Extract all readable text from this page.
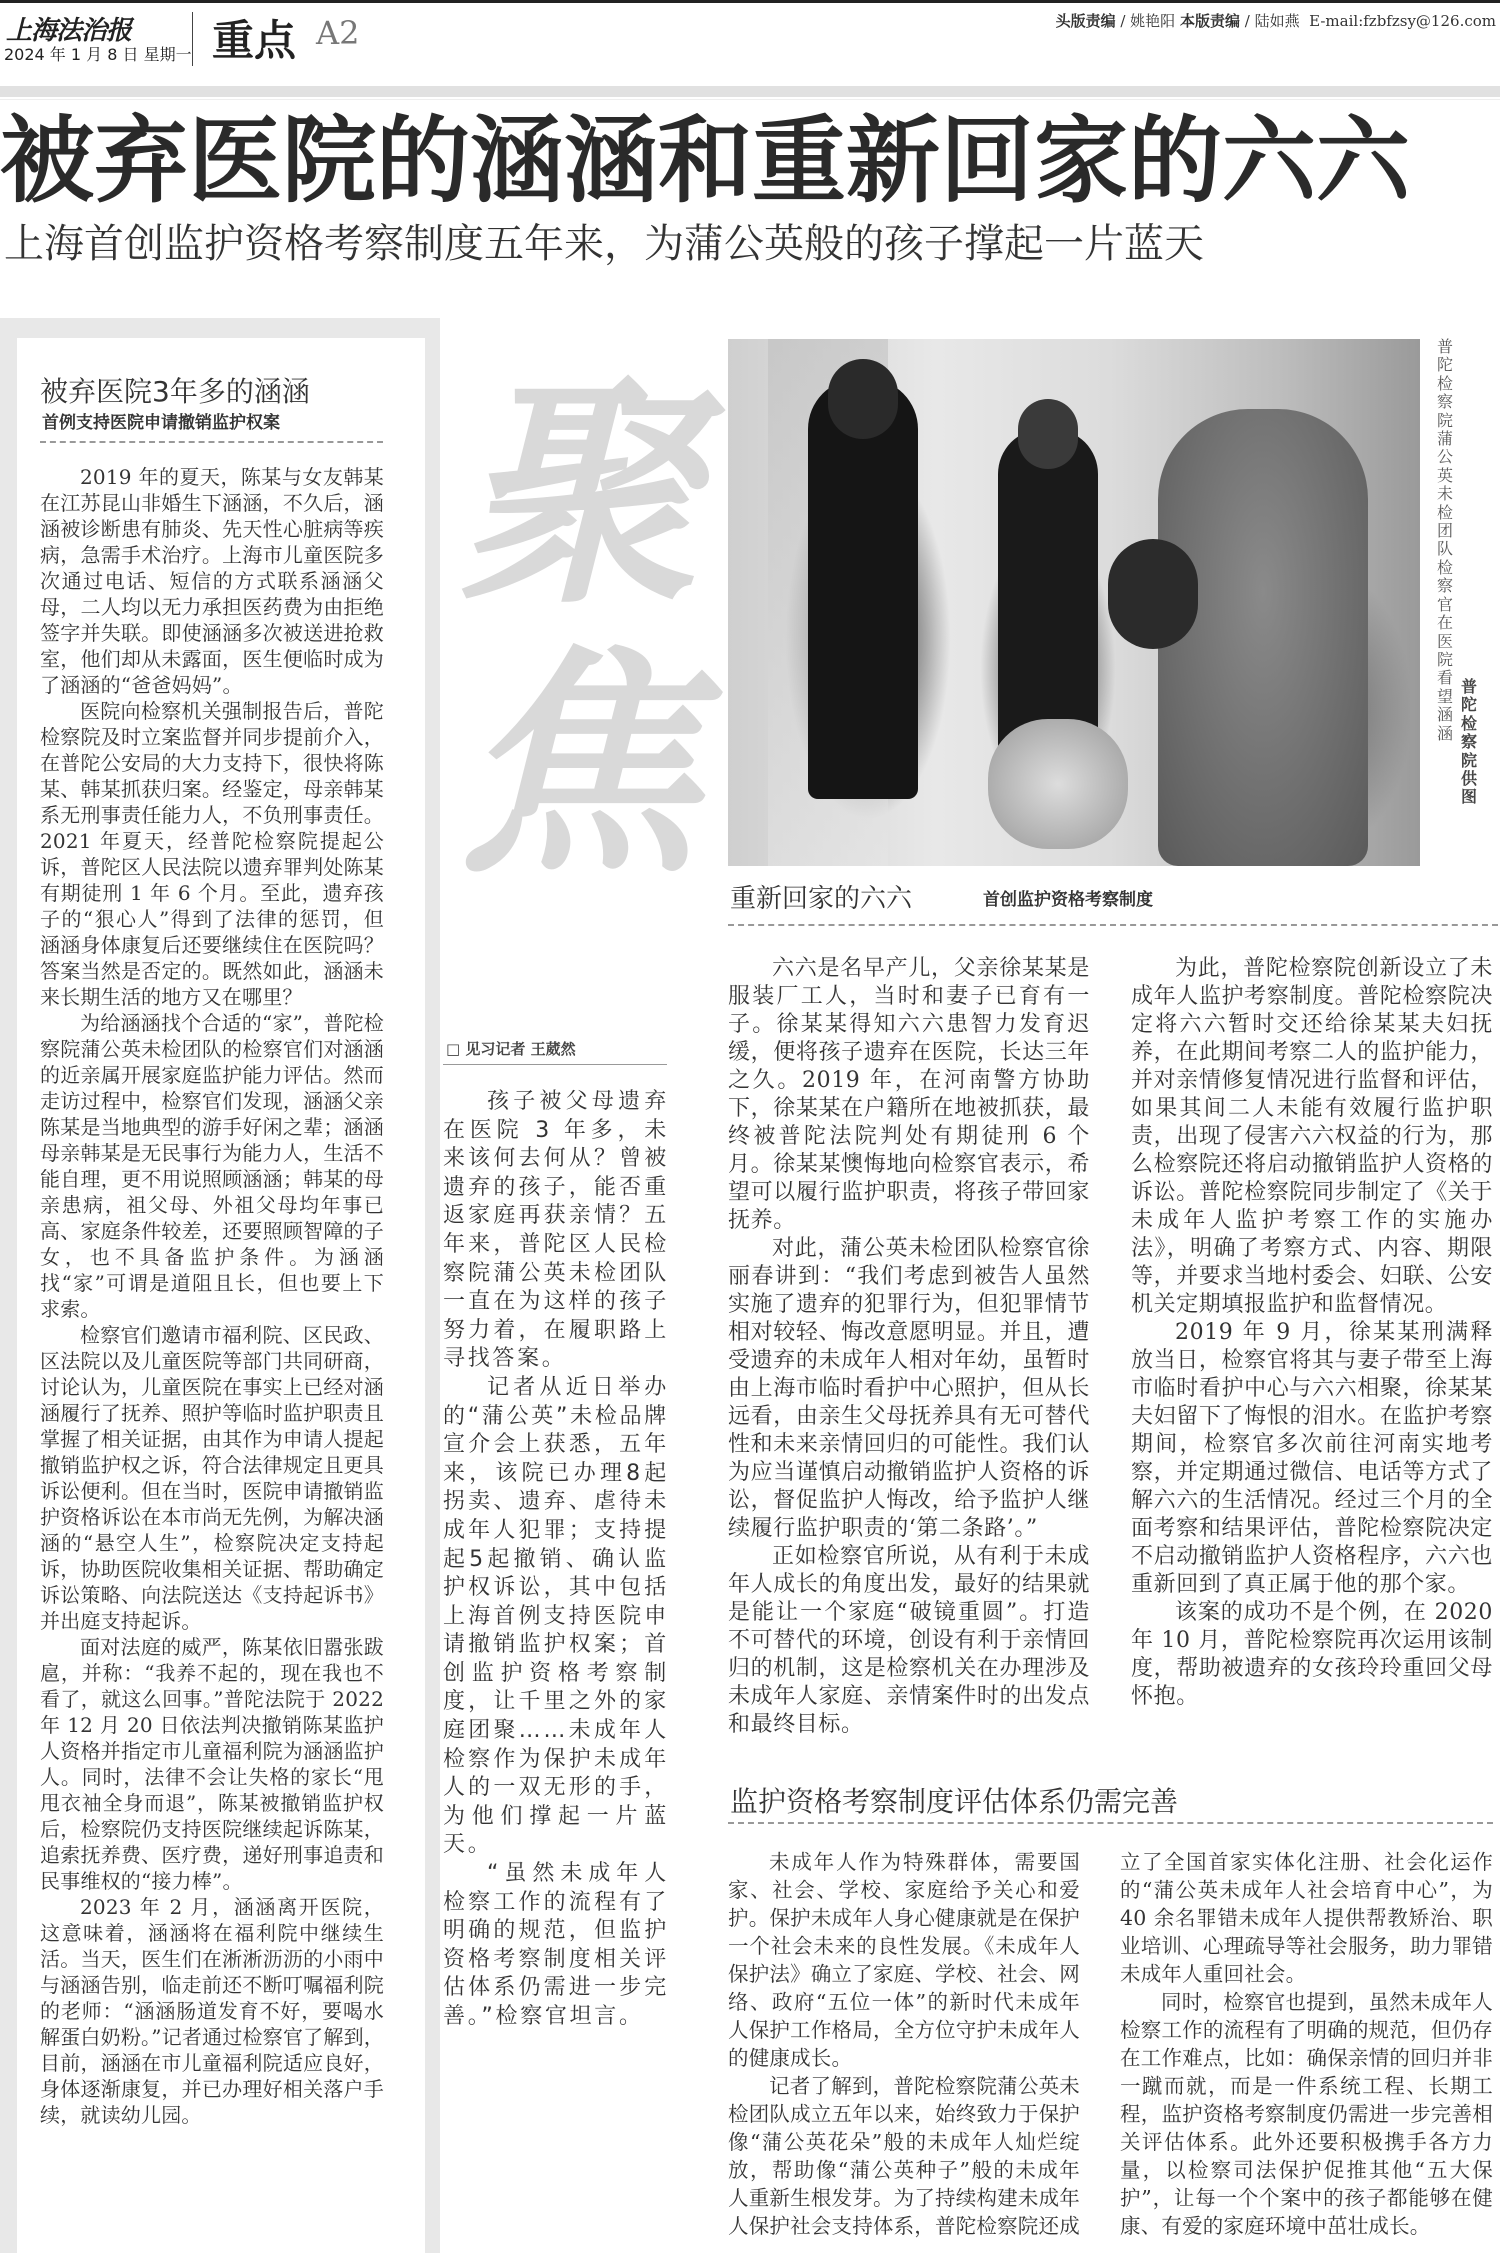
上海法治报
2024 年 1 月 8 日 星期一 重点 A2	头版责编 / 姚艳阳 本版责编 / 陆如燕 E-mail:fzbfzsy@126.com
被弃医院的涵涵和重新回家的六六
上海首创监护资格考察制度五年来，为蒲公英般的孩子撑起一片蓝天
被弃医院3年多的涵涵
首例支持医院申请撤销监护权案

2019 年的夏天，陈某与女友韩某在江苏昆山非婚生下涵涵，不久后，涵涵被诊断患有肺炎、先天性心脏病等疾病，急需手术治疗。上海市儿童医院多次通过电话、短信的方式联系涵涵父母，二人均以无力承担医药费为由拒绝签字并失联。即使涵涵多次被送进抢救室，他们却从未露面，医生便临时成为了涵涵的“爸爸妈妈”。

医院向检察机关强制报告后，普陀检察院及时立案监督并同步提前介入，在普陀公安局的大力支持下，很快将陈某、韩某抓获归案。经鉴定，母亲韩某系无刑事责任能力人，不负刑事责任。2021 年夏天，经普陀检察院提起公诉，普陀区人民法院以遗弃罪判处陈某有期徒刑 1 年 6 个月。至此，遗弃孩子的“狠心人”得到了法律的惩罚，但涵涵身体康复后还要继续住在医院吗？答案当然是否定的。既然如此，涵涵未来长期生活的地方又在哪里？

为给涵涵找个合适的“家”，普陀检察院蒲公英未检团队的检察官们对涵涵的近亲属开展家庭监护能力评估。然而走访过程中，检察官们发现，涵涵父亲陈某是当地典型的游手好闲之辈；涵涵母亲韩某是无民事行为能力人，生活不能自理，更不用说照顾涵涵；韩某的母亲患病，祖父母、外祖父母均年事已高、家庭条件较差，还要照顾智障的子女，也不具备监护条件。为涵涵找“家”可谓是道阻且长，但也要上下求索。

检察官们邀请市福利院、区民政、区法院以及儿童医院等部门共同研商，讨论认为，儿童医院在事实上已经对涵涵履行了抚养、照护等临时监护职责且掌握了相关证据，由其作为申请人提起撤销监护权之诉，符合法律规定且更具诉讼便利。但在当时，医院申请撤销监护资格诉讼在本市尚无先例，为解决涵涵的“悬空人生”，检察院决定支持起诉，协助医院收集相关证据、帮助确定诉讼策略、向法院送达《支持起诉书》并出庭支持起诉。

面对法庭的威严，陈某依旧嚣张跋扈，并称：“我养不起的，现在我也不看了，就这么回事。”普陀法院于 2022 年 12 月 20 日依法判决撤销陈某监护人资格并指定市儿童福利院为涵涵监护人。同时，法律不会让失格的家长“甩甩衣袖全身而退”，陈某被撤销监护权后，检察院仍支持医院继续起诉陈某，追索抚养费、医疗费，递好刑事追责和民事维权的“接力棒”。

2023 年 2 月，涵涵离开医院，这意味着，涵涵将在福利院中继续生活。当天，医生们在淅淅沥沥的小雨中与涵涵告别，临走前还不断叮嘱福利院的老师：“涵涵肠道发育不好，要喝水解蛋白奶粉。”记者通过检察官了解到，目前，涵涵在市儿童福利院适应良好，身体逐渐康复，并已办理好相关落户手续，就读幼儿园。

聚焦
□ 见习记者 王葳然

孩子被父母遗弃在医院 3 年多，未来该何去何从？曾被遗弃的孩子，能否重返家庭再获亲情？五年来，普陀区人民检察院蒲公英未检团队一直在为这样的孩子努力着，在履职路上寻找答案。

记者从近日举办的“蒲公英”未检品牌宣介会上获悉，五年来，该院已办理8起拐卖、遗弃、虐待未成年人犯罪；支持提起5起撤销、确认监护权诉讼，其中包括上海首例支持医院申请撤销监护权案；首创监护资格考察制度，让千里之外的家庭团聚……未成年人检察作为保护未成年人的一双无形的手，为他们撑起一片蓝天。

“虽然未成年人检察工作的流程有了明确的规范，但监护资格考察制度相关评估体系仍需进一步完善。”检察官坦言。

普陀检察院蒲公英未检团队检察官在医院看望涵涵
普陀检察院 供图
重新回家的六六	首创监护资格考察制度

六六是名早产儿，父亲徐某某是服装厂工人，当时和妻子已育有一子。徐某某得知六六患智力发育迟缓，便将孩子遗弃在医院，长达三年之久。2019 年，在河南警方协助下，徐某某在户籍所在地被抓获，最终被普陀法院判处有期徒刑 6 个月。徐某某懊悔地向检察官表示，希望可以履行监护职责，将孩子带回家抚养。

对此，蒲公英未检团队检察官徐丽春讲到：“我们考虑到被告人虽然实施了遗弃的犯罪行为，但犯罪情节相对较轻、悔改意愿明显。并且，遭受遗弃的未成年人相对年幼，虽暂时由上海市临时看护中心照护，但从长远看，由亲生父母抚养具有无可替代性和未来亲情回归的可能性。我们认为应当谨慎启动撤销监护人资格的诉讼，督促监护人悔改，给予监护人继续履行监护职责的‘第二条路’。”

正如检察官所说，从有利于未成年人成长的角度出发，最好的结果就是能让一个家庭“破镜重圆”。打造不可替代的环境，创设有利于亲情回归的机制，这是检察机关在办理涉及未成年人家庭、亲情案件时的出发点和最终目标。

为此，普陀检察院创新设立了未成年人监护考察制度。普陀检察院决定将六六暂时交还给徐某某夫妇抚养，在此期间考察二人的监护能力，并对亲情修复情况进行监督和评估，如果其间二人未能有效履行监护职责，出现了侵害六六权益的行为，那么检察院还将启动撤销监护人资格的诉讼。普陀检察院同步制定了《关于未成年人监护考察工作的实施办法》，明确了考察方式、内容、期限等，并要求当地村委会、妇联、公安机关定期填报监护和监督情况。

2019 年 9 月，徐某某刑满释放当日，检察官将其与妻子带至上海市临时看护中心与六六相聚，徐某某夫妇留下了悔恨的泪水。在监护考察期间，检察官多次前往河南实地考察，并定期通过微信、电话等方式了解六六的生活情况。经过三个月的全面考察和结果评估，普陀检察院决定不启动撤销监护人资格程序，六六也重新回到了真正属于他的那个家。

该案的成功不是个例，在 2020 年 10 月，普陀检察院再次运用该制度，帮助被遗弃的女孩玲玲重回父母怀抱。

监护资格考察制度评估体系仍需完善

未成年人作为特殊群体，需要国家、社会、学校、家庭给予关心和爱护。保护未成年人身心健康就是在保护一个社会未来的良性发展。《未成年人保护法》确立了家庭、学校、社会、网络、政府“五位一体”的新时代未成年人保护工作格局，全方位守护未成年人的健康成长。

记者了解到，普陀检察院蒲公英未检团队成立五年以来，始终致力于保护像“蒲公英花朵”般的未成年人灿烂绽放，帮助像“蒲公英种子”般的未成年人重新生根发芽。为了持续构建未成年人保护社会支持体系，普陀检察院还成

立了全国首家实体化注册、社会化运作的“蒲公英未成年人社会培育中心”，为 40 余名罪错未成年人提供帮教矫治、职业培训、心理疏导等社会服务，助力罪错未成年人重回社会。

同时，检察官也提到，虽然未成年人检察工作的流程有了明确的规范，但仍存在工作难点，比如：确保亲情的回归并非一蹴而就，而是一件系统工程、长期工程，监护资格考察制度仍需进一步完善相关评估体系。此外还要积极携手各方力量，以检察司法保护促推其他“五大保护”，让每一个个案中的孩子都能够在健康、有爱的家庭环境中茁壮成长。
